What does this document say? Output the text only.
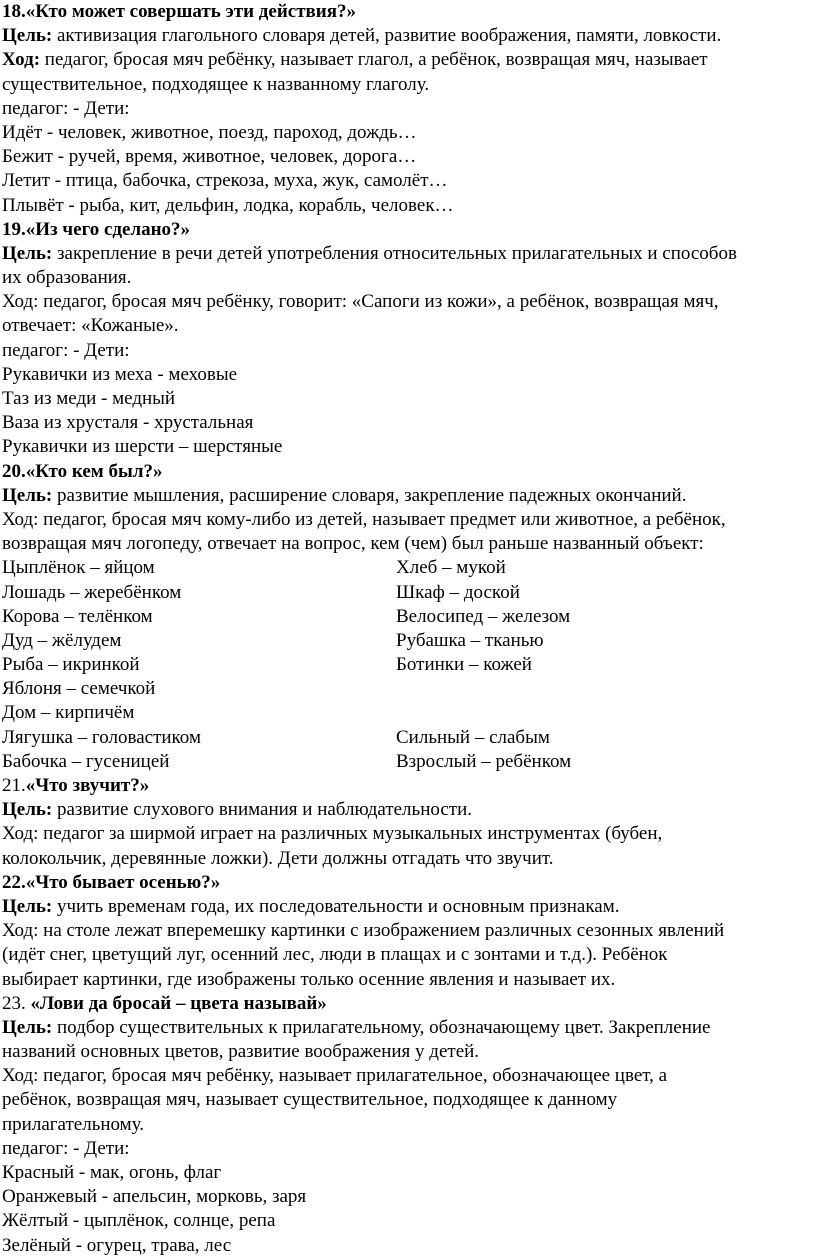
18.«Кто может совершать эти действия?»
Цель: активизация глагольного словаря детей, развитие воображения, памяти, ловкости.
Ход: педагог, бросая мяч ребёнку, называет глагол, а ребёнок, возвращая мяч, называет
существительное, подходящее к названному глаголу.
педагог: - Дети:
Идёт - человек, животное, поезд, пароход, дождь…
Бежит - ручей, время, животное, человек, дорога…
Летит - птица, бабочка, стрекоза, муха, жук, самолёт…
Плывёт - рыба, кит, дельфин, лодка, корабль, человек…
19.«Из чего сделано?»
Цель: закрепление в речи детей употребления относительных прилагательных и способов
их образования.
Ход: педагог, бросая мяч ребёнку, говорит: «Сапоги из кожи», а ребёнок, возвращая мяч,
отвечает: «Кожаные».
педагог: - Дети:
Рукавички из меха - меховые
Таз из меди - медный
Ваза из хрусталя - хрустальная
Рукавички из шерсти – шерстяные
20.«Кто кем был?»
Цель: развитие мышления, расширение словаря, закрепление падежных окончаний.
Ход: педагог, бросая мяч кому-либо из детей, называет предмет или животное, а ребёнок,
возвращая мяч логопеду, отвечает на вопрос, кем (чем) был раньше названный объект:
Цыплёнок – яйцом	Хлеб – мукой
Лошадь – жеребёнком	Шкаф – доской
Корова – телёнком	Велосипед – железом
Дуд – жёлудем	Рубашка – тканью
Рыба – икринкой	Ботинки – кожей
Яблоня – семечкой
Дом – кирпичём
Лягушка – головастиком	Сильный – слабым
Бабочка – гусеницей	Взрослый – ребёнком
21.«Что звучит?»
Цель: развитие слухового внимания и наблюдательности.
Ход: педагог за ширмой играет на различных музыкальных инструментах (бубен,
колокольчик, деревянные ложки). Дети должны отгадать что звучит.
22.«Что бывает осенью?»
Цель: учить временам года, их последовательности и основным признакам.
Ход: на столе лежат вперемешку картинки с изображением различных сезонных явлений
(идёт снег, цветущий луг, осенний лес, люди в плащах и с зонтами и т.д.). Ребёнок
выбирает картинки, где изображены только осенние явления и называет их.
23. «Лови да бросай – цвета называй»
Цель: подбор существительных к прилагательному, обозначающему цвет. Закрепление
названий основных цветов, развитие воображения у детей.
Ход: педагог, бросая мяч ребёнку, называет прилагательное, обозначающее цвет, а
ребёнок, возвращая мяч, называет существительное, подходящее к данному
прилагательному.
педагог: - Дети:
Красный - мак, огонь, флаг
Оранжевый - апельсин, морковь, заря
Жёлтый - цыплёнок, солнце, репа
Зелёный - огурец, трава, лес
